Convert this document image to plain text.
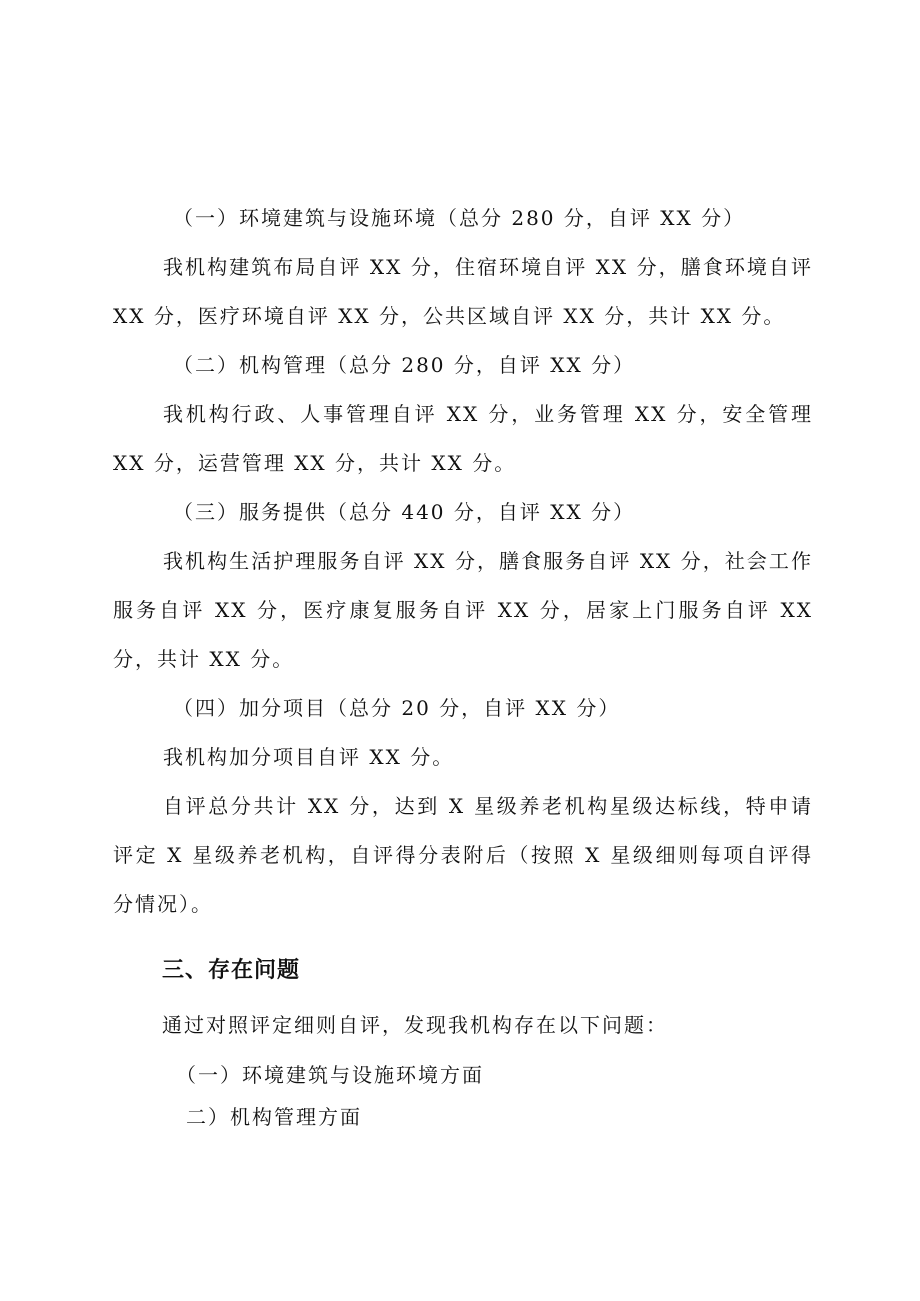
（一）环境建筑与设施环境（总分 280 分，自评 XX 分）

我机构建筑布局自评 XX 分，住宿环境自评 XX 分，膳食环境自评 XX 分，医疗环境自评 XX 分，公共区域自评 XX 分，共计 XX 分。

（二）机构管理（总分 280 分，自评 XX 分）

我机构行政、人事管理自评 XX 分，业务管理 XX 分，安全管理 XX 分，运营管理 XX 分，共计 XX 分。

（三）服务提供（总分 440 分，自评 XX 分）

我机构生活护理服务自评 XX 分，膳食服务自评 XX 分，社会工作服务自评 XX 分，医疗康复服务自评 XX 分，居家上门服务自评 XX 分，共计 XX 分。

（四）加分项目（总分 20 分，自评 XX 分）

我机构加分项目自评 XX 分。

自评总分共计 XX 分，达到 X 星级养老机构星级达标线，特申请评定 X 星级养老机构，自评得分表附后（按照 X 星级细则每项自评得分情况）。

三、存在问题

通过对照评定细则自评，发现我机构存在以下问题：

（一）环境建筑与设施环境方面

二）机构管理方面
